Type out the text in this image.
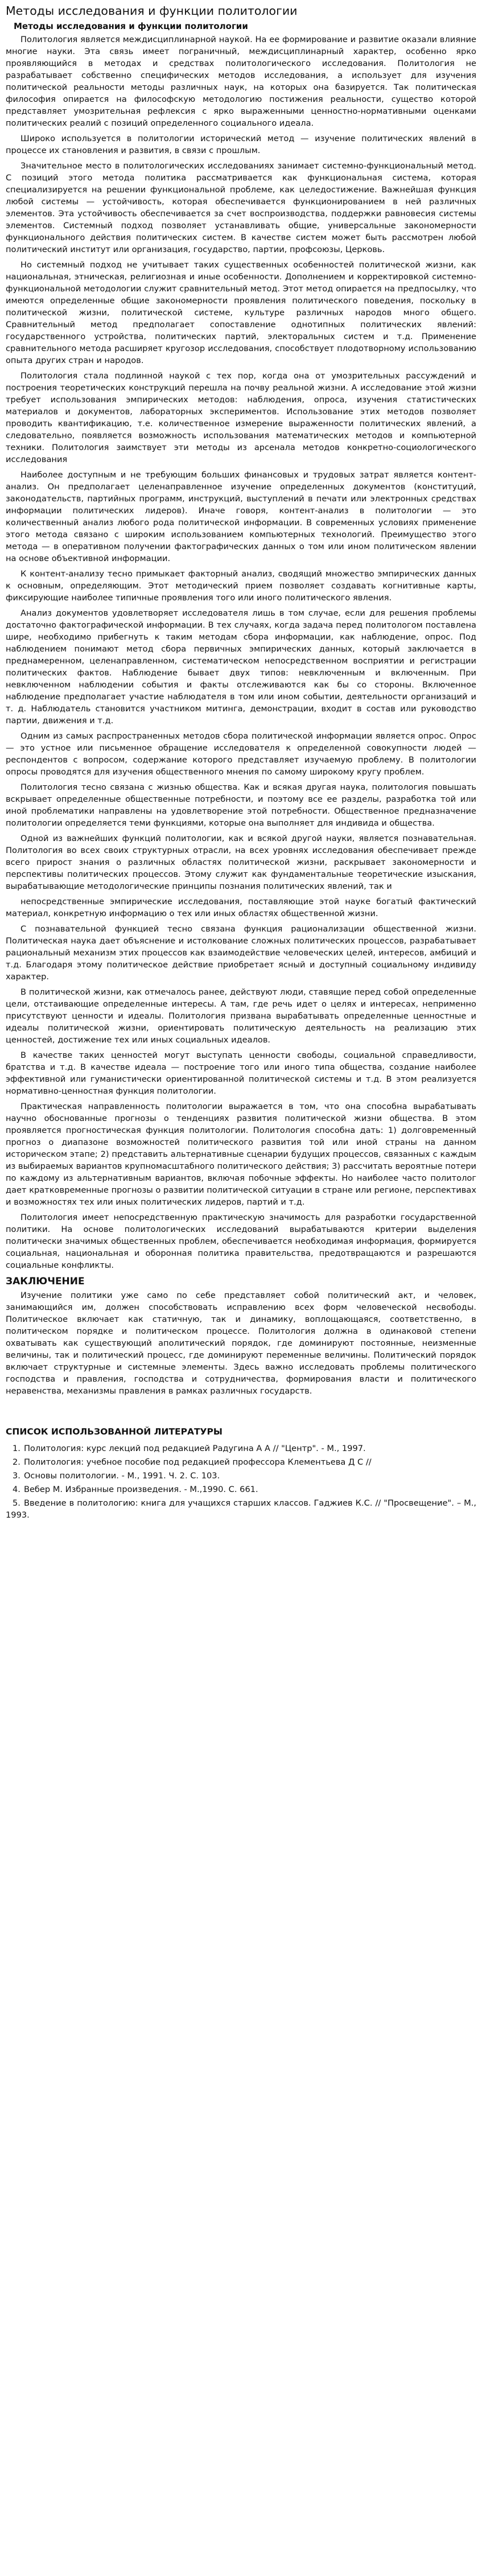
Методы исследования и функции политологии

Методы исследования и функции политологии

Политология является междисциплинарной наукой. На ее формирование и развитие оказали влияние многие науки. Эта связь имеет пограничный, междисциплинарный характер, особенно ярко проявляющийся в методах и средствах политологического исследования. Политология не разрабатывает собственно специфических методов исследования, а использует для изучения политической реальности методы различных наук, на которых она базируется. Так политическая философия опирается на философскую методологию постижения реальности, существо которой представляет умозрительная рефлексия с ярко выраженными ценностно-нормативными оценками политических реалий с позиций определенного социального идеала.

Широко используется в политологии исторический метод — изучение политических явлений в процессе их становления и развития, в связи с прошлым.

Значительное место в политологических исследованиях занимает системно-функциональный метод. С позиций этого метода политика рассматривается как функциональная система, которая специализируется на решении функциональной проблеме, как целедостижение. Важнейшая функция любой системы — устойчивость, которая обеспечивается функционированием в ней различных элементов. Эта устойчивость обеспечивается за счет воспроизводства, поддержки равновесия системы элементов. Системный подход позволяет устанавливать общие, универсальные закономерности функционального действия политических систем. В качестве систем может быть рассмотрен любой политический институт или организация, государство, партии, профсоюзы, Церковь.

Но системный подход не учитывает таких существенных особенностей политической жизни, как национальная, этническая, религиозная и иные особенности. Дополнением и корректировкой системно-функциональной методологии служит сравнительный метод. Этот метод опирается на предпосылку, что имеются определенные общие закономерности проявления политического поведения, поскольку в политической жизни, политической системе, культуре различных народов много общего. Сравнительный метод предполагает сопоставление однотипных политических явлений: государственного устройства, политических партий, электоральных систем и т.д. Применение сравнительного метода расширяет кругозор исследования, способствует плодотворному использованию опыта других стран и народов.

Политология стала подлинной наукой с тех пор, когда она от умозрительных рассуждений и построения теоретических конструкций перешла на почву реальной жизни. А исследование этой жизни требует использования эмпирических методов: наблюдения, опроса, изучения статистических материалов и документов, лабораторных экспериментов. Использование этих методов позволяет проводить квантификацию, т.е. количественное измерение выраженности политических явлений, а следовательно, появляется возможность использования математических методов и компьютерной техники. Политология заимствует эти методы из арсенала методов конкретно-социологического исследования

Наиболее доступным и не требующим больших финансовых и трудовых затрат является контент-анализ. Он предполагает целенаправленное изучение определенных документов (конституций, законодательств, партийных программ, инструкций, выступлений в печати или электронных средствах информации политических лидеров). Иначе говоря, контент-анализ в политологии — это количественный анализ любого рода политической информации. В современных условиях применение этого метода связано с широким использованием компьютерных технологий. Преимущество этого метода — в оперативном получении фактографических данных о том или ином политическом явлении на основе объективной информации.

К контент-анализу тесно примыкает факторный анализ, сводящий множество эмпирических данных к основным, определяющим. Этот методический прием позволяет создавать когнитивные карты, фиксирующие наиболее типичные проявления того или иного политического явления.

Анализ документов удовлетворяет исследователя лишь в том случае, если для решения проблемы достаточно фактографической информации. В тех случаях, когда задача перед политологом поставлена шире, необходимо прибегнуть к таким методам сбора информации, как наблюдение, опрос. Под наблюдением понимают метод сбора первичных эмпирических данных, который заключается в преднамеренном, целенаправленном, систематическом непосредственном восприятии и регистрации политических фактов. Наблюдение бывает двух типов: невключенным и включенным. При невключенном наблюдении события и факты отслеживаются как бы со стороны. Включенное наблюдение предполагает участие наблюдателя в том или ином событии, деятельности организаций и т. д. Наблюдатель становится участником митинга, демонстрации, входит в состав или руководство партии, движения и т.д.

Одним из самых распространенных методов сбора политической информации является опрос. Опрос — это устное или письменное обращение исследователя к определенной совокупности людей — респондентов с вопросом, содержание которого представляет изучаемую проблему. В политологии опросы проводятся для изучения общественного мнения по самому широкому кругу проблем.

Политология тесно связана с жизнью общества. Как и всякая другая наука, политология повышать вскрывает определенные общественные потребности, и поэтому все ее разделы, разработка той или иной проблематики направлены на удовлетворение этой потребности. Общественное предназначение политологии определяется теми функциями, которые она выполняет для индивида и общества.

Одной из важнейших функций политологии, как и всякой другой науки, является познавательная. Политология во всех своих структурных отрасли, на всех уровнях исследования обеспечивает прежде всего прирост знания о различных областях политической жизни, раскрывает закономерности и перспективы политических процессов. Этому служит как фундаментальные теоретические изыскания, вырабатывающие методологические принципы познания политических явлений, так и

непосредственные эмпирические исследования, поставляющие этой науке богатый фактический материал, конкретную информацию о тех или иных областях общественной жизни.

С познавательной функцией тесно связана функция рационализации общественной жизни. Политическая наука дает объяснение и истолкование сложных политических процессов, разрабатывает рациональный механизм этих процессов как взаимодействие человеческих целей, интересов, амбиций и т.д. Благодаря этому политическое действие приобретает ясный и доступный социальному индивиду характер.

В политической жизни, как отмечалось ранее, действуют люди, ставящие перед собой определенные цели, отстаивающие определенные интересы. А там, где речь идет о целях и интересах, неприменно присутствуют ценности и идеалы. Политология призвана вырабатывать определенные ценностные и идеалы политической жизни, ориентировать политическую деятельность на реализацию этих ценностей, достижение тех или иных социальных идеалов.

В качестве таких ценностей могут выступать ценности свободы, социальной справедливости, братства и т.д. В качестве идеала — построение того или иного типа общества, создание наиболее эффективной или гуманистически ориентированной политической системы и т.д. В этом реализуется нормативно-ценностная функция политологии.

Практическая направленность политологии выражается в том, что она способна вырабатывать научно обоснованные прогнозы о тенденциях развития политической жизни общества. В этом проявляется прогностическая функция политологии. Политология способна дать: 1) долговременный прогноз о диапазоне возможностей политического развития той или иной страны на данном историческом этапе; 2) представить альтернативные сценарии будущих процессов, связанных с каждым из выбираемых вариантов крупномасштабного политического действия; 3) рассчитать вероятные потери по каждому из альтернативным вариантов, включая побочные эффекты. Но наиболее часто политолог дает кратковременные прогнозы о развитии политической ситуации в стране или регионе, перспективах и возможностях тех или иных политических лидеров, партий и т.д.

Политология имеет непосредственную практическую значимость для разработки государственной политики. На основе политологических исследований вырабатываются критерии выделения политически значимых общественных проблем, обеспечивается необходимая информация, формируется социальная, национальная и оборонная политика правительства, предотвращаются и разрешаются социальные конфликты.

ЗАКЛЮЧЕНИЕ

Изучение политики уже само по себе представляет собой политический акт, и человек, занимающийся им, должен способствовать исправлению всех форм человеческой несвободы. Политическое включает как статичную, так и динамику, воплощающаяся, соответственно, в политическом порядке и политическом процессе. Политология должна в одинаковой степени охватывать как существующий аполитический порядок, где доминируют постоянные, неизменные величины, так и политический процесс, где доминируют переменные величины. Политический порядок включает структурные и системные элементы. Здесь важно исследовать проблемы политического господства и правления, господства и сотрудничества, формирования власти и политического неравенства, механизмы правления в рамках различных государств.

СПИСОК ИСПОЛЬЗОВАННОЙ ЛИТЕРАТУРЫ
1. Политология: курс лекций под редакцией Радугина А А // "Центр". - М., 1997.
2. Политология: учебное пособие под редакцией профессора Клементьева Д С //
3. Основы политологии. - М., 1991. Ч. 2. С. 103.
4. Вебер М. Избранные произведения. - М.,1990. С. 661.
5. Введение в политологию: книга для учащихся старших классов. Гаджиев К.С. // "Просвещение". – М., 1993.
